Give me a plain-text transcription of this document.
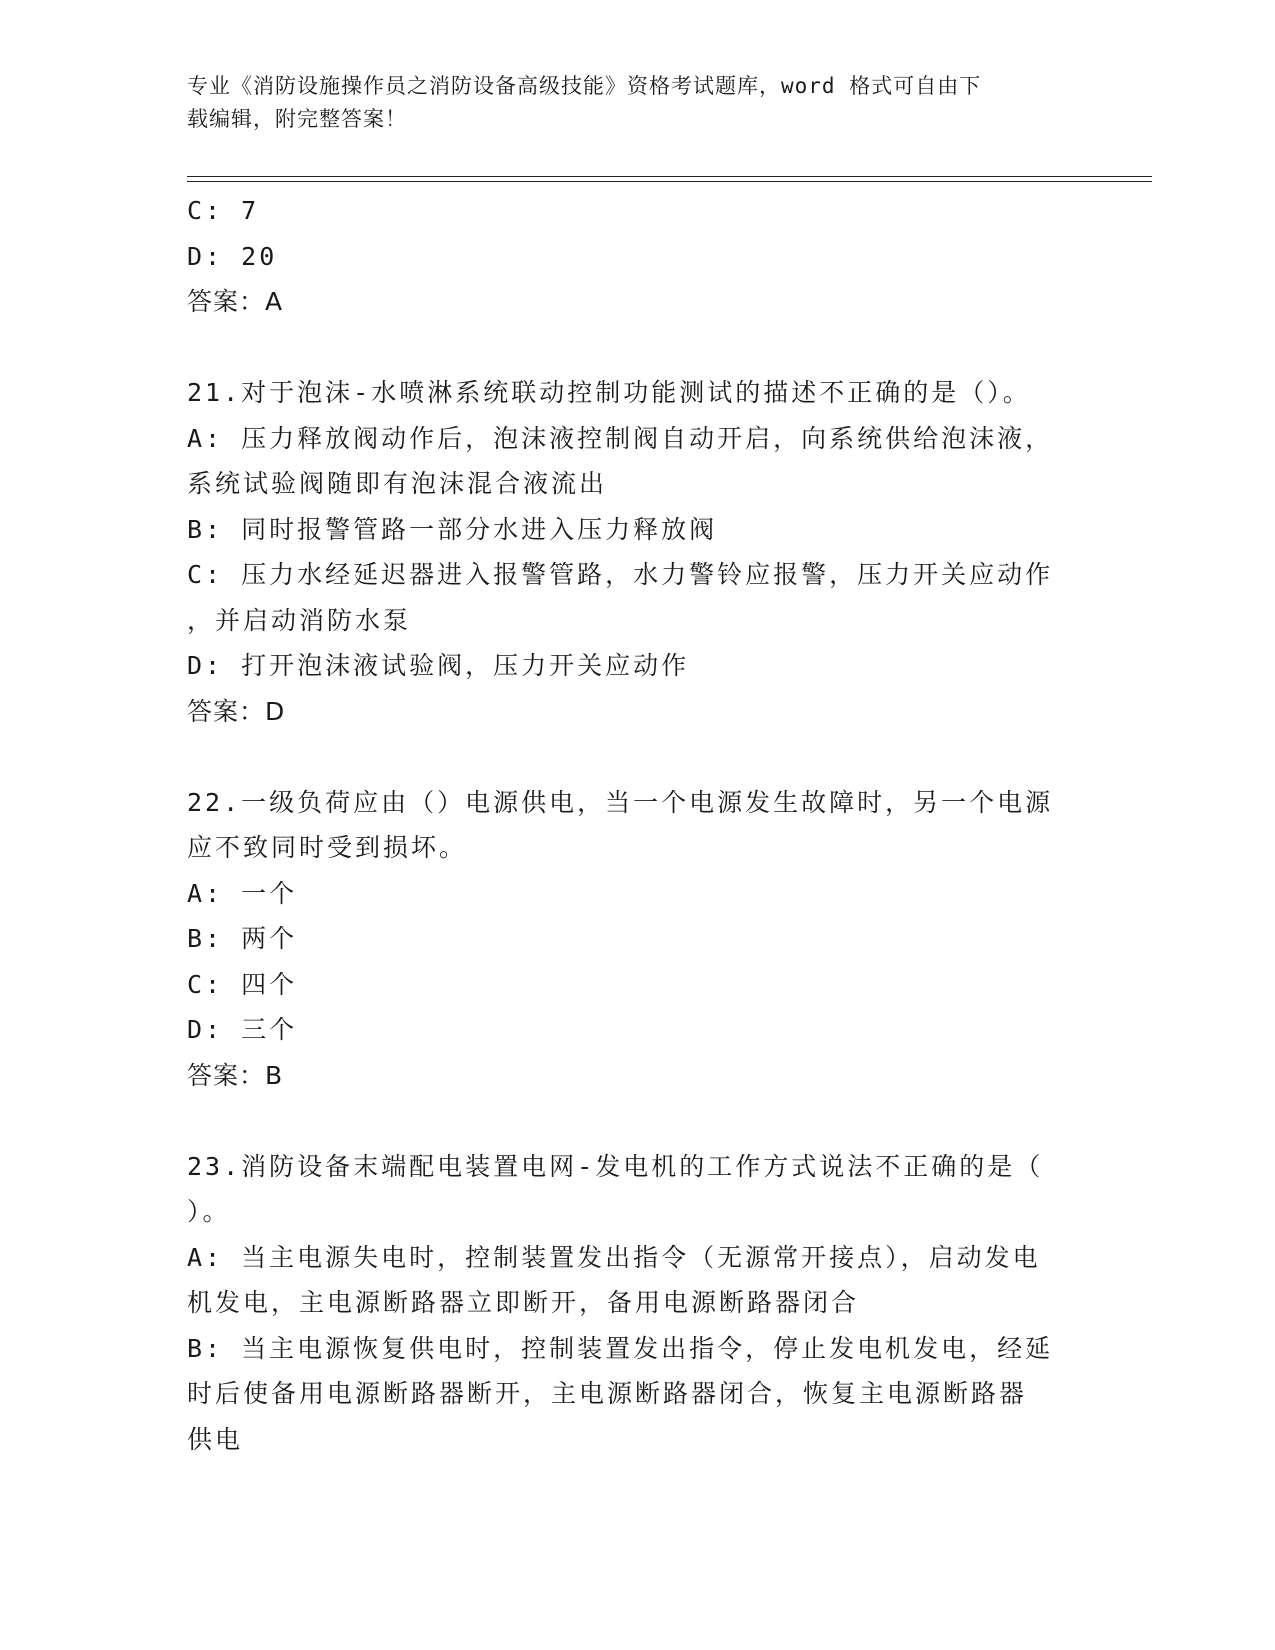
专业《消防设施操作员之消防设备高级技能》资格考试题库，word 格式可自由下
载编辑，附完整答案！
C: 7
D: 20
答案：A
21.对于泡沫-水喷淋系统联动控制功能测试的描述不正确的是（）。
A: 压力释放阀动作后，泡沫液控制阀自动开启，向系统供给泡沫液，
系统试验阀随即有泡沫混合液流出
B: 同时报警管路一部分水进入压力释放阀
C: 压力水经延迟器进入报警管路，水力警铃应报警，压力开关应动作
，并启动消防水泵
D: 打开泡沫液试验阀，压力开关应动作
答案：D
22.一级负荷应由（）电源供电，当一个电源发生故障时，另一个电源
应不致同时受到损坏。
A: 一个
B: 两个
C: 四个
D: 三个
答案：B
23.消防设备末端配电装置电网-发电机的工作方式说法不正确的是（
）。
A: 当主电源失电时，控制装置发出指令（无源常开接点），启动发电
机发电，主电源断路器立即断开，备用电源断路器闭合
B: 当主电源恢复供电时，控制装置发出指令，停止发电机发电，经延
时后使备用电源断路器断开，主电源断路器闭合，恢复主电源断路器
供电
